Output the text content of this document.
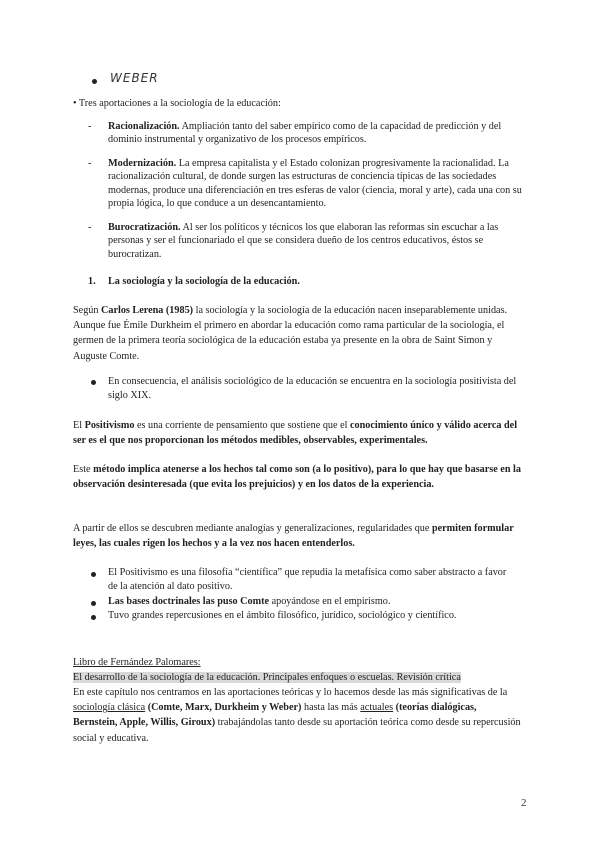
WEBER

• Tres aportaciones a la sociología de la educación:

- Racionalización. Ampliación tanto del saber empírico como de la capacidad de predicción y del dominio instrumental y organizativo de los procesos empíricos.
- Modernización. La empresa capitalista y el Estado colonizan progresivamente la racionalidad. La racionalización cultural, de donde surgen las estructuras de conciencia típicas de las sociedades modernas, produce una diferenciación en tres esferas de valor (ciencia, moral y arte), cada una con su propia lógica, lo que conduce a un desencantamiento.
- Burocratización. Al ser los políticos y técnicos los que elaboran las reformas sin escuchar a las personas y ser el funcionariado el que se considera dueño de los centros educativos, éstos se burocratizan.
1. La sociología y la sociología de la educación.

Según Carlos Lerena (1985) la sociología y la sociología de la educación nacen inseparablemente unidas. Aunque fue Émile Durkheim el primero en abordar la educación como rama particular de la sociología, el germen de la primera teoría sociológica de la educación estaba ya presente en la obra de Saint Simon y Auguste Comte.

En consecuencia, el análisis sociológico de la educación se encuentra en la sociología positivista del siglo XIX.

El Positivismo es una corriente de pensamiento que sostiene que el conocimiento único y válido acerca del ser es el que nos proporcionan los métodos medibles, observables, experimentales.

Este método implica atenerse a los hechos tal como son (a lo positivo), para lo que hay que basarse en la observación desinteresada (que evita los prejuicios) y en los datos de la experiencia.

A partir de ellos se descubren mediante analogías y generalizaciones, regularidades que permiten formular leyes, las cuales rigen los hechos y a la vez nos hacen entenderlos.

El Positivismo es una filosofía “científica” que repudia la metafísica como saber abstracto a favor de la atención al dato positivo.
Las bases doctrinales las puso Comte apoyándose en el empirismo.
Tuvo grandes repercusiones en el ámbito filosófico, jurídico, sociológico y científico.

Libro de Fernández Palomares:

El desarrollo de la sociología de la educación. Principales enfoques o escuelas. Revisión crítica

En este capítulo nos centramos en las aportaciones teóricas y lo hacemos desde las más significativas de la sociología clásica (Comte, Marx, Durkheim y Weber) hasta las más actuales (teorías dialógicas, Bernstein, Apple, Willis, Giroux) trabajándolas tanto desde su aportación teórica como desde su repercusión social y educativa.

2
